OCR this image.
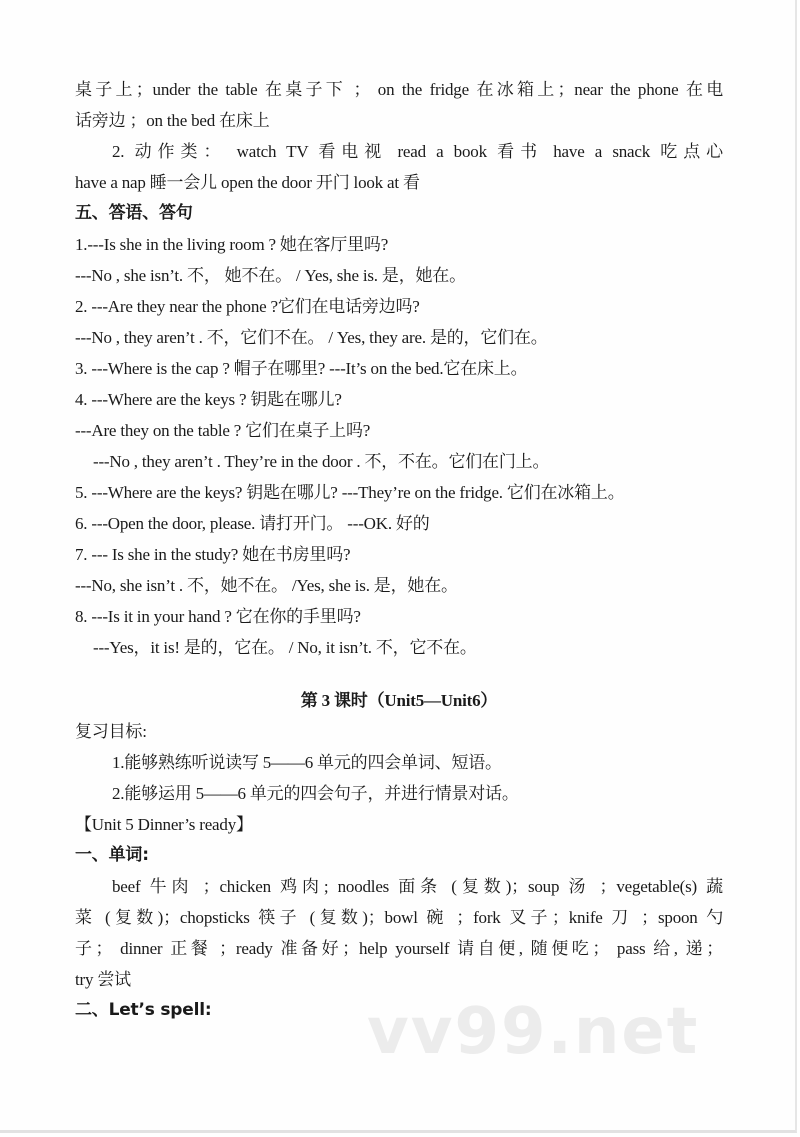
桌子上；under the table 在桌子下 ； on the fridge 在冰箱上；near the phone 在电
话旁边 ；on the bed 在床上
2. 动作类： watch TV 看电视 read a book 看书 have a snack 吃点心
have a nap 睡一会儿 open the door 开门 look at 看
五、答语、答句
1.---Is she in the living room ? 她在客厅里吗?
---No , she isn’t. 不， 她不在。 / Yes, she is. 是，她在。
2. ---Are they near the phone ?它们在电话旁边吗?
---No , they aren’t . 不，它们不在。 / Yes, they are. 是的，它们在。
3. ---Where is the cap ? 帽子在哪里? ---It’s on the bed.它在床上。
4. ---Where are the keys ? 钥匙在哪儿?
---Are they on the table ? 它们在桌子上吗?
---No , they aren’t . They’re in the door . 不，不在。它们在门上。
5. ---Where are the keys? 钥匙在哪儿? ---They’re on the fridge. 它们在冰箱上。
6. ---Open the door, please. 请打开门。 ---OK. 好的
7. --- Is she in the study? 她在书房里吗?
---No, she isn’t . 不，她不在。 /Yes, she is. 是，她在。
8. ---Is it in your hand ? 它在你的手里吗?
---Yes，it is! 是的，它在。 / No, it isn’t. 不，它不在。
第 3 课时（Unit5—Unit6）
复习目标:
1.能够熟练听说读写 5——6 单元的四会单词、短语。
2.能够运用 5——6 单元的四会句子，并进行情景对话。
【Unit 5 Dinner’s ready】
一、单词:
beef 牛肉 ；chicken 鸡肉; noodles 面条 (复数)；soup 汤 ；vegetable(s) 蔬
菜 (复数)；chopsticks 筷子 (复数)；bowl 碗 ；fork 叉子；knife 刀 ；spoon 勺
子； dinner 正餐 ；ready 准备好；help yourself 请自便, 随便吃； pass 给, 递；
try 尝试
二、Let’s spell:	vv99.net
